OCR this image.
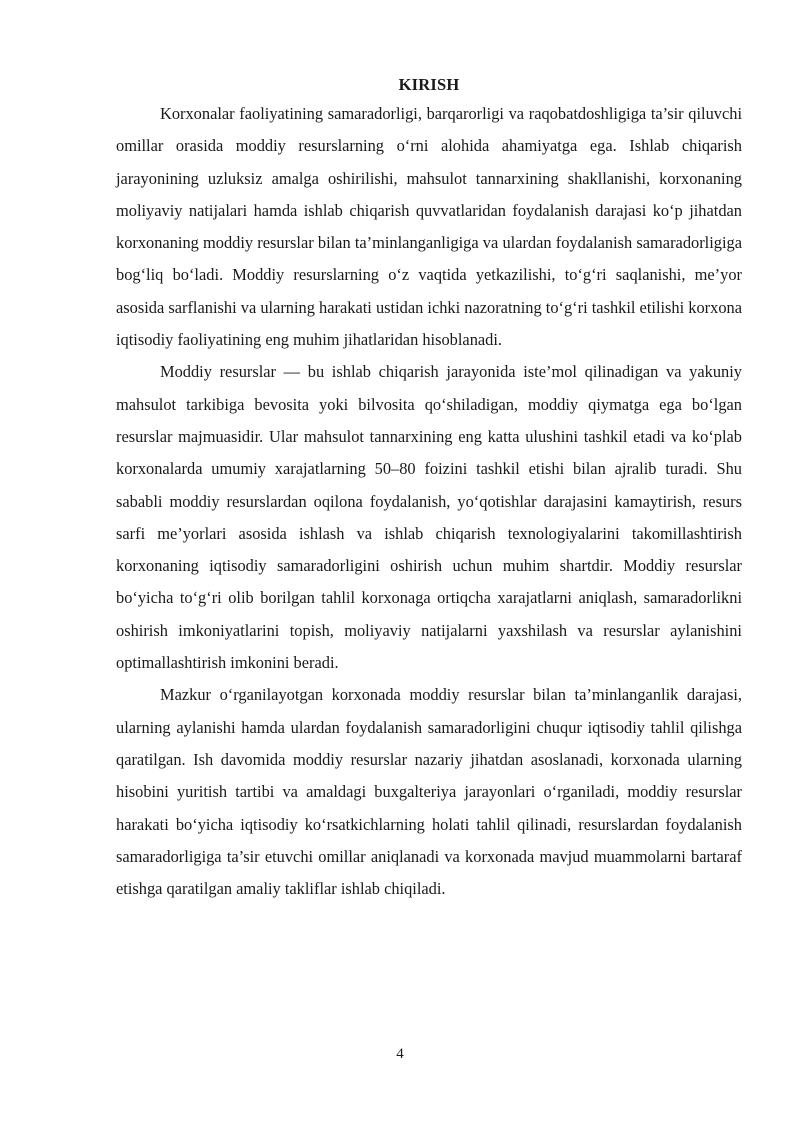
KIRISH

Korxonalar faoliyatining samaradorligi, barqarorligi va raqobatdoshligiga ta’sir qiluvchi omillar orasida moddiy resurslarning o‘rni alohida ahamiyatga ega. Ishlab chiqarish jarayonining uzluksiz amalga oshirilishi, mahsulot tannarxining shakllanishi, korxonaning moliyaviy natijalari hamda ishlab chiqarish quvvatlaridan foydalanish darajasi ko‘p jihatdan korxonaning moddiy resurslar bilan ta’minlanganligiga va ulardan foydalanish samaradorligiga bog‘liq bo‘ladi. Moddiy resurslarning o‘z vaqtida yetkazilishi, to‘g‘ri saqlanishi, me’yor asosida sarflanishi va ularning harakati ustidan ichki nazoratning to‘g‘ri tashkil etilishi korxona iqtisodiy faoliyatining eng muhim jihatlaridan hisoblanadi.

Moddiy resurslar — bu ishlab chiqarish jarayonida iste’mol qilinadigan va yakuniy mahsulot tarkibiga bevosita yoki bilvosita qo‘shiladigan, moddiy qiymatga ega bo‘lgan resurslar majmuasidir. Ular mahsulot tannarxining eng katta ulushini tashkil etadi va ko‘plab korxonalarda umumiy xarajatlarning 50–80 foizini tashkil etishi bilan ajralib turadi. Shu sababli moddiy resurslardan oqilona foydalanish, yo‘qotishlar darajasini kamaytirish, resurs sarfi me’yorlari asosida ishlash va ishlab chiqarish texnologiyalarini takomillashtirish korxonaning iqtisodiy samaradorligini oshirish uchun muhim shartdir. Moddiy resurslar bo‘yicha to‘g‘ri olib borilgan tahlil korxonaga ortiqcha xarajatlarni aniqlash, samaradorlikni oshirish imkoniyatlarini topish, moliyaviy natijalarni yaxshilash va resurslar aylanishini optimallashtirish imkonini beradi.

Mazkur o‘rganilayotgan korxonada moddiy resurslar bilan ta’minlanganlik darajasi, ularning aylanishi hamda ulardan foydalanish samaradorligini chuqur iqtisodiy tahlil qilishga qaratilgan. Ish davomida moddiy resurslar nazariy jihatdan asoslanadi, korxonada ularning hisobini yuritish tartibi va amaldagi buxgalteriya jarayonlari o‘rganiladi, moddiy resurslar harakati bo‘yicha iqtisodiy ko‘rsatkichlarning holati tahlil qilinadi, resurslardan foydalanish samaradorligiga ta’sir etuvchi omillar aniqlanadi va korxonada mavjud muammolarni bartaraf etishga qaratilgan amaliy takliflar ishlab chiqiladi.

4
